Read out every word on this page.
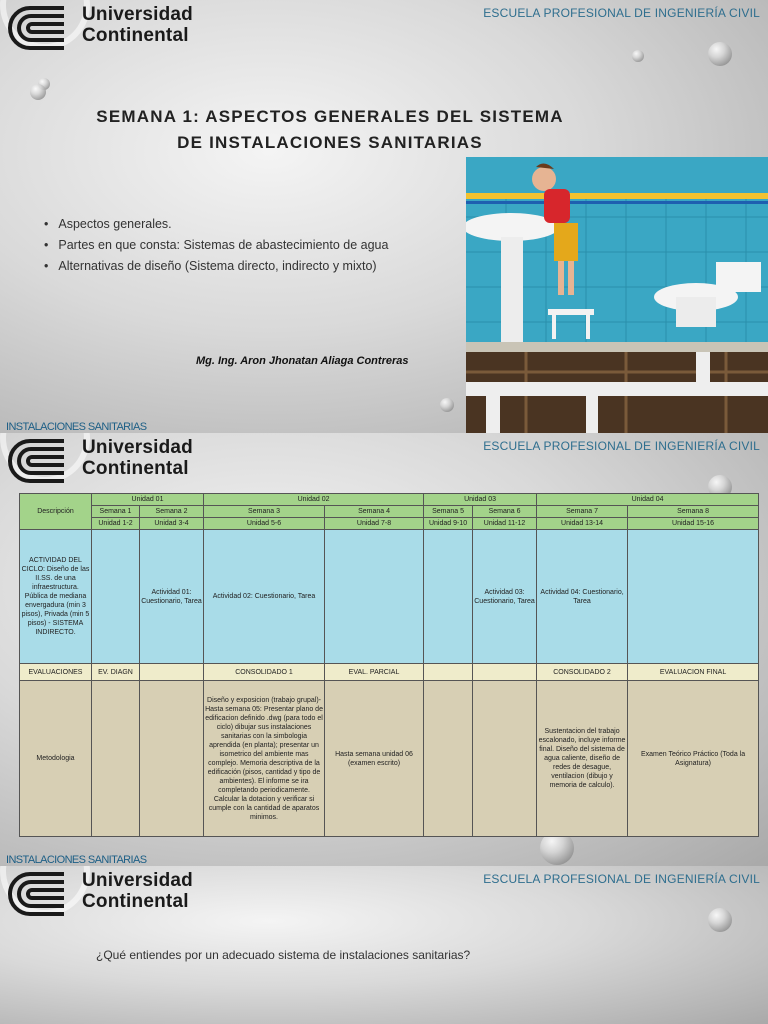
Universidad
Continental
ESCUELA PROFESIONAL DE INGENIERÍA CIVIL
SEMANA 1: ASPECTOS GENERALES DEL SISTEMA
DE INSTALACIONES SANITARIAS
• Aspectos generales.
• Partes en que consta: Sistemas de abastecimiento de agua
• Alternativas de diseño (Sistema directo, indirecto y mixto)
Mg. Ing. Aron Jhonatan Aliaga Contreras
INSTALACIONES SANITARIAS
Universidad
Continental
ESCUELA PROFESIONAL DE INGENIERÍA CIVIL
Descripción	Unidad 01		Unidad 02		Unidad 03		Unidad 04	
	Semana 1	Semana 2	Semana 3	Semana 4	Semana 5	Semana 6	Semana 7	Semana 8
	Unidad 1-2	Unidad 3-4	Unidad 5-6	Unidad 7-8	Unidad 9-10	Unidad 11-12	Unidad 13-14	Unidad 15-16
ACTIVIDAD DEL CICLO: Diseño de las II.SS. de una infraestructura. Pública de mediana envergadura (min 3 pisos), Privada (min 5 pisos) - SISTEMA INDIRECTO.		Actividad 01: Cuestionario, Tarea	Actividad 02: Cuestionario, Tarea			Actividad 03: Cuestionario, Tarea	Actividad 04: Cuestionario, Tarea	
EVALUACIONES	EV. DIAGN		CONSOLIDADO 1	EVAL. PARCIAL			CONSOLIDADO 2	EVALUACION FINAL
Metodologia			Diseño y exposicion (trabajo grupal)-Hasta semana 05: Presentar plano de edificacion definido .dwg (para todo el ciclo) dibujar sus instalaciones sanitarias con la simbologia aprendida (en planta); presentar un isometrico del ambiente mas complejo. Memoria descriptiva de la edificación (pisos, cantidad y tipo de ambientes). El informe se ira completando periodicamente. Calcular la dotacion y verificar si cumple con la cantidad de aparatos minimos.	Hasta semana unidad 06 (examen escrito)			Sustentacion del trabajo escalonado, incluye informe final. Diseño del sistema de agua caliente, diseño de redes de desague, ventilacion (dibujo y memoria de calculo).	Examen Teórico Práctico (Toda la Asignatura)
INSTALACIONES SANITARIAS
Universidad
Continental
ESCUELA PROFESIONAL DE INGENIERÍA CIVIL
¿Qué entiendes por un adecuado sistema de instalaciones sanitarias?
